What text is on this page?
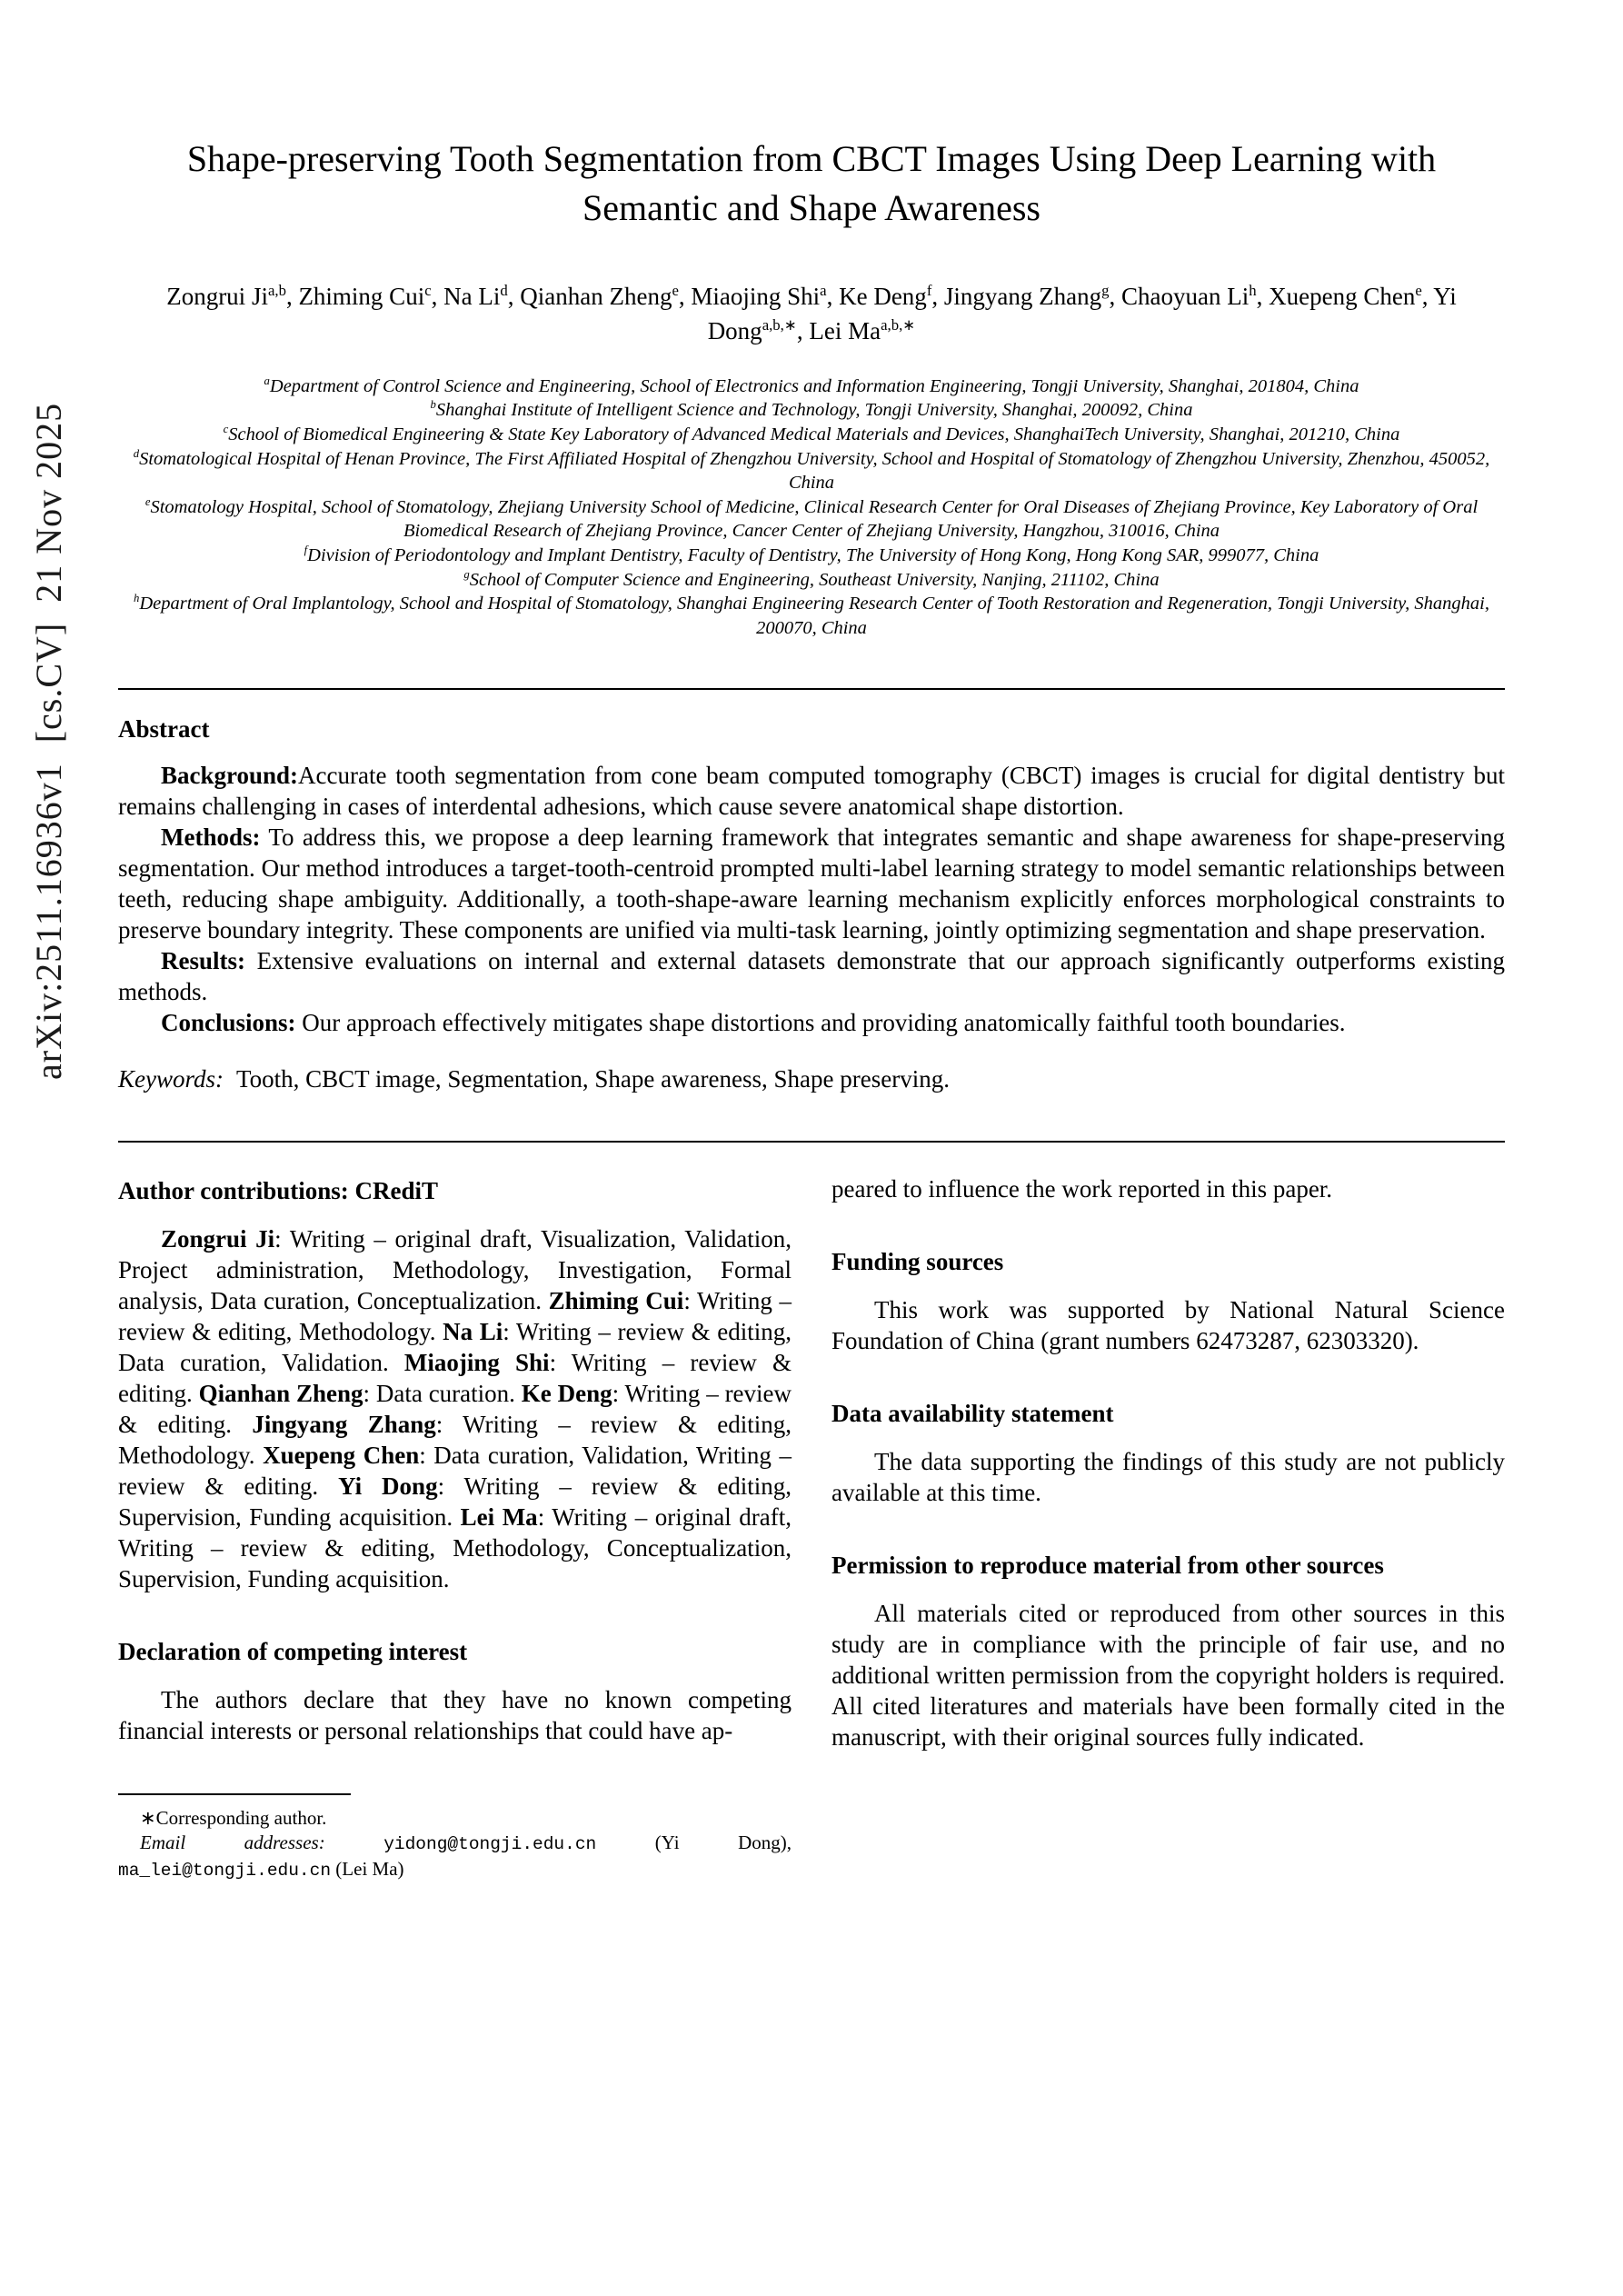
arXiv:2511.16936v1  [cs.CV]  21 Nov 2025
Shape-preserving Tooth Segmentation from CBCT Images Using Deep Learning with Semantic and Shape Awareness
Zongrui Ji$^{a,b}$, Zhiming Cui$^c$, Na Li$^d$, Qianhan Zheng$^e$, Miaojing Shi$^a$, Ke Deng$^f$, Jingyang Zhang$^g$, Chaoyuan Li$^h$, Xuepeng Chen$^e$, Yi Dong$^{a,b,∗}$, Lei $Ma^{a,b,∗}$
$^a$Department of Control Science and Engineering, School of Electronics and Information Engineering, Tongji University, Shanghai, 201804, China
$^b$Shanghai Institute of Intelligent Science and Technology, Tongji University, Shanghai, 200092, China
$^c$School of Biomedical Engineering & State Key Laboratory of Advanced Medical Materials and Devices, ShanghaiTech University, Shanghai, 201210, China
$^d$Stomatological Hospital of Henan Province, The First Affiliated Hospital of Zhengzhou University, School and Hospital of Stomatology of Zhengzhou University, Zhenzhou, 450052, China
$^e$Stomatology Hospital, School of Stomatology, Zhejiang University School of Medicine, Clinical Research Center for Oral Diseases of Zhejiang Province, Key Laboratory of Oral Biomedical Research of Zhejiang Province, Cancer Center of Zhejiang University, Hangzhou, 310016, China
$^f$Division of Periodontology and Implant Dentistry, Faculty of Dentistry, The University of Hong Kong, Hong Kong SAR, 999077, China
$^g$School of Computer Science and Engineering, Southeast University, Nanjing, 211102, China
$^h$Department of Oral Implantology, School and Hospital of Stomatology, Shanghai Engineering Research Center of Tooth Restoration and Regeneration, Tongji University, Shanghai, 200070, China
Abstract

Background:Accurate tooth segmentation from cone beam computed tomography (CBCT) images is crucial for digital dentistry but remains challenging in cases of interdental adhesions, which cause severe anatomical shape distortion.

Methods: To address this, we propose a deep learning framework that integrates semantic and shape awareness for shape-preserving segmentation. Our method introduces a target-tooth-centroid prompted multi-label learning strategy to model semantic relationships between teeth, reducing shape ambiguity. Additionally, a tooth-shape-aware learning mechanism explicitly enforces morphological constraints to preserve boundary integrity. These components are unified via multi-task learning, jointly optimizing segmentation and shape preservation.

Results: Extensive evaluations on internal and external datasets demonstrate that our approach significantly outperforms existing methods.

Conclusions: Our approach effectively mitigates shape distortions and providing anatomically faithful tooth boundaries.

Keywords: Tooth, CBCT image, Segmentation, Shape awareness, Shape preserving.

Author contributions: CRediT

Zongrui Ji: Writing – original draft, Visualization, Validation, Project administration, Methodology, Investigation, Formal analysis, Data curation, Conceptualization. Zhiming Cui: Writing – review & editing, Methodology. Na Li: Writing – review & editing, Data curation, Validation. Miaojing Shi: Writing – review & editing. Qianhan Zheng: Data curation. Ke Deng: Writing – review & editing. Jingyang Zhang: Writing – review & editing, Methodology. Xuepeng Chen: Data curation, Validation, Writing – review & editing. Yi Dong: Writing – review & editing, Supervision, Funding acquisition. Lei Ma: Writing – original draft, Writing – review & editing, Methodology, Conceptualization, Supervision, Funding acquisition.

Declaration of competing interest

The authors declare that they have no known competing financial interests or personal relationships that could have ap-

∗Corresponding author.

Email addresses:	yidong@tongji.edu.cn (Yi Dong), ma_lei@tongji.edu.cn (Lei Ma)

peared to influence the work reported in this paper.

Funding sources

This work was supported by National Natural Science Foundation of China (grant numbers 62473287, 62303320).

Data availability statement

The data supporting the findings of this study are not publicly available at this time.

Permission to reproduce material from other sources

All materials cited or reproduced from other sources in this study are in compliance with the principle of fair use, and no additional written permission from the copyright holders is required. All cited literatures and materials have been formally cited in the manuscript, with their original sources fully indicated.
